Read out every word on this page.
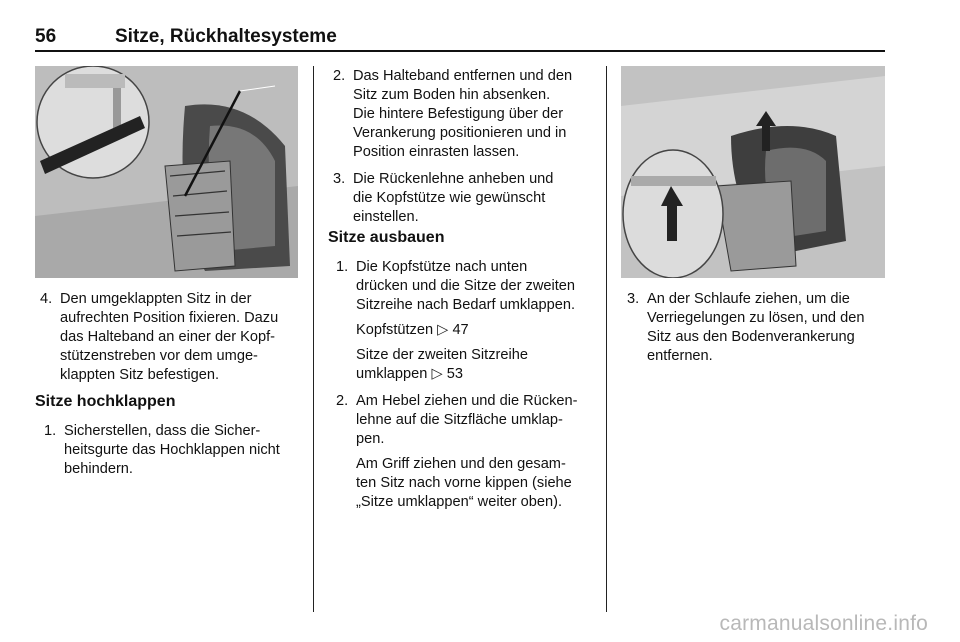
56	Sitze, Rückhaltesysteme
4. Den umgeklappten Sitz in der
aufrechten Position fixieren. Dazu
das Halteband an einer der Kopf-
stützenstreben vor dem umge-
klappten Sitz befestigen.
Sitze hochklappen
1. Sicherstellen, dass die Sicher-
heitsgurte das Hochklappen nicht
behindern.
2. Das Halteband entfernen und den
Sitz zum Boden hin absenken.
Die hintere Befestigung über der
Verankerung positionieren und in
Position einrasten lassen.
3. Die Rückenlehne anheben und
die Kopfstütze wie gewünscht
einstellen.
Sitze ausbauen
1. Die Kopfstütze nach unten
drücken und die Sitze der zweiten
Sitzreihe nach Bedarf umklappen.
Kopfstützen ▷ 47
Sitze der zweiten Sitzreihe
umklappen ▷ 53
2. Am Hebel ziehen und die Rücken-
lehne auf die Sitzfläche umklap-
pen.
Am Griff ziehen und den gesam-
ten Sitz nach vorne kippen (siehe
„Sitze umklappen“ weiter oben).
3. An der Schlaufe ziehen, um die
Verriegelungen zu lösen, und den
Sitz aus den Bodenverankerung
entfernen.
carmanualsonline.info
